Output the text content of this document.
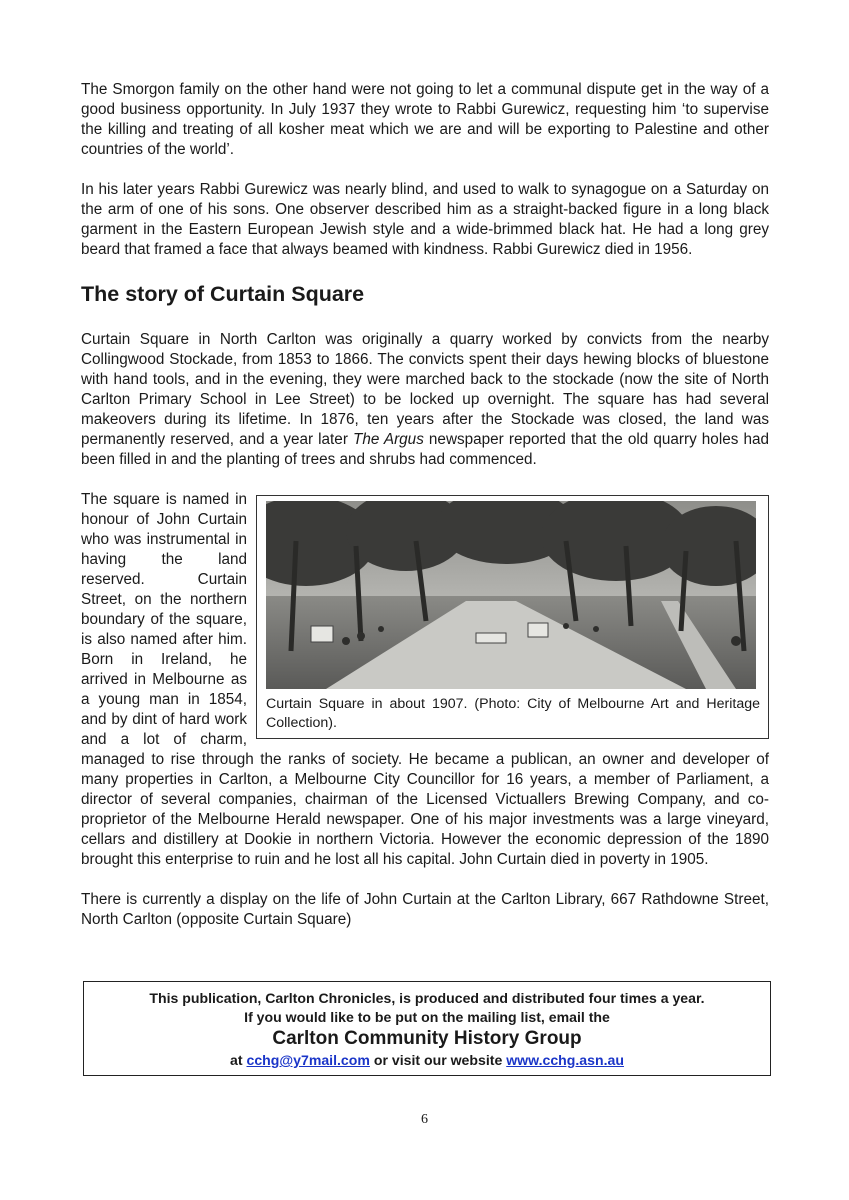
The Smorgon family on the other hand were not going to let a communal dispute get in the way of a good business opportunity. In July 1937 they wrote to Rabbi Gurewicz, requesting him ‘to supervise the killing and treating of all kosher meat which we are and will be exporting to Palestine and other countries of the world’.

In his later years Rabbi Gurewicz was nearly blind, and used to walk to synagogue on a Saturday on the arm of one of his sons. One observer described him as a straight-backed figure in a long black garment in the Eastern European Jewish style and a wide-brimmed black hat. He had a long grey beard that framed a face that always beamed with kindness. Rabbi Gurewicz died in 1956.

The story of Curtain Square

Curtain Square in North Carlton was originally a quarry worked by convicts from the nearby Collingwood Stockade, from 1853 to 1866. The convicts spent their days hewing blocks of bluestone with hand tools, and in the evening, they were marched back to the stockade (now the site of North Carlton Primary School in Lee Street) to be locked up overnight. The square has had several makeovers during its lifetime. In 1876, ten years after the Stockade was closed, the land was permanently reserved, and a year later The Argus newspaper reported that the old quarry holes had been filled in and the planting of trees and shrubs had commenced.

Curtain Square in about 1907. (Photo: City of Melbourne Art and Heritage Collection).

The square is named in honour of John Curtain who was instrumental in having the land reserved. Curtain Street, on the northern boundary of the square, is also named after him. Born in Ireland, he arrived in Melbourne as a young man in 1854, and by dint of hard work and a lot of charm, managed to rise through the ranks of society. He became a publican, an owner and developer of many properties in Carlton, a Melbourne City Councillor for 16 years, a member of Parliament, a director of several companies, chairman of the Licensed Victuallers Brewing Company, and co-proprietor of the Melbourne Herald newspaper. One of his major investments was a large vineyard, cellars and distillery at Dookie in northern Victoria. However the economic depression of the 1890 brought this enterprise to ruin and he lost all his capital. John Curtain died in poverty in 1905.

There is currently a display on the life of John Curtain at the Carlton Library, 667 Rathdowne Street, North Carlton (opposite Curtain Square)

This publication, Carlton Chronicles, is produced and distributed four times a year.
If you would like to be put on the mailing list, email the
Carlton Community History Group
at cchg@y7mail.com or visit our website www.cchg.asn.au
6
